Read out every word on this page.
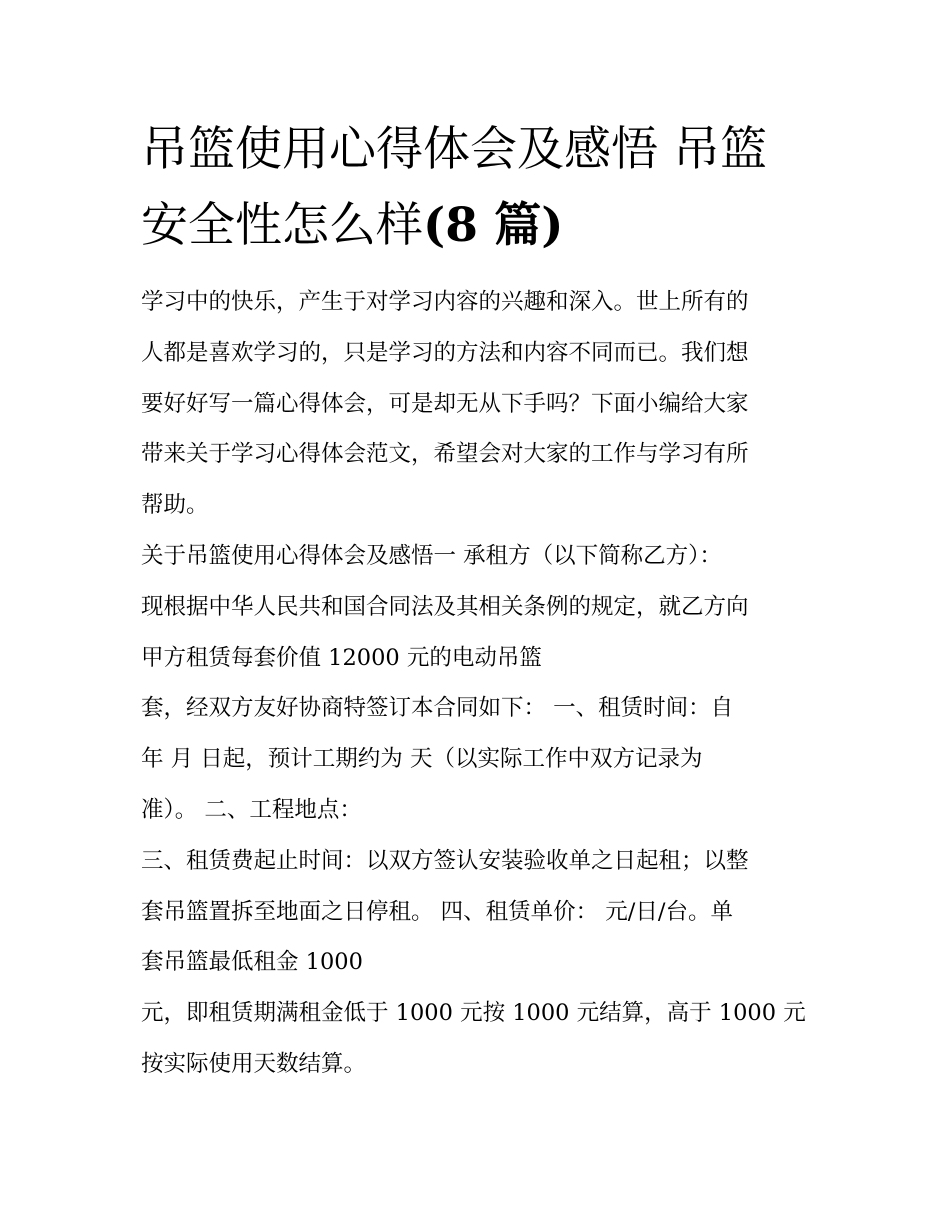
吊篮使用心得体会及感悟 吊篮
安全性怎么样(8 篇)
学习中的快乐，产生于对学习内容的兴趣和深入。世上所有的
人都是喜欢学习的，只是学习的方法和内容不同而已。我们想
要好好写一篇心得体会，可是却无从下手吗？下面小编给大家
带来关于学习心得体会范文，希望会对大家的工作与学习有所
帮助。
关于吊篮使用心得体会及感悟一 承租方（以下简称乙方）：
现根据中华人民共和国合同法及其相关条例的规定，就乙方向
甲方租赁每套价值 12000 元的电动吊篮
套，经双方友好协商特签订本合同如下： 一、租赁时间：自
年 月 日起，预计工期约为 天（以实际工作中双方记录为
准）。 二、工程地点：
三、租赁费起止时间：以双方签认安装验收单之日起租；以整
套吊篮置拆至地面之日停租。 四、租赁单价： 元/日/台。单
套吊篮最低租金 1000
元，即租赁期满租金低于 1000 元按 1000 元结算，高于 1000 元
按实际使用天数结算。
